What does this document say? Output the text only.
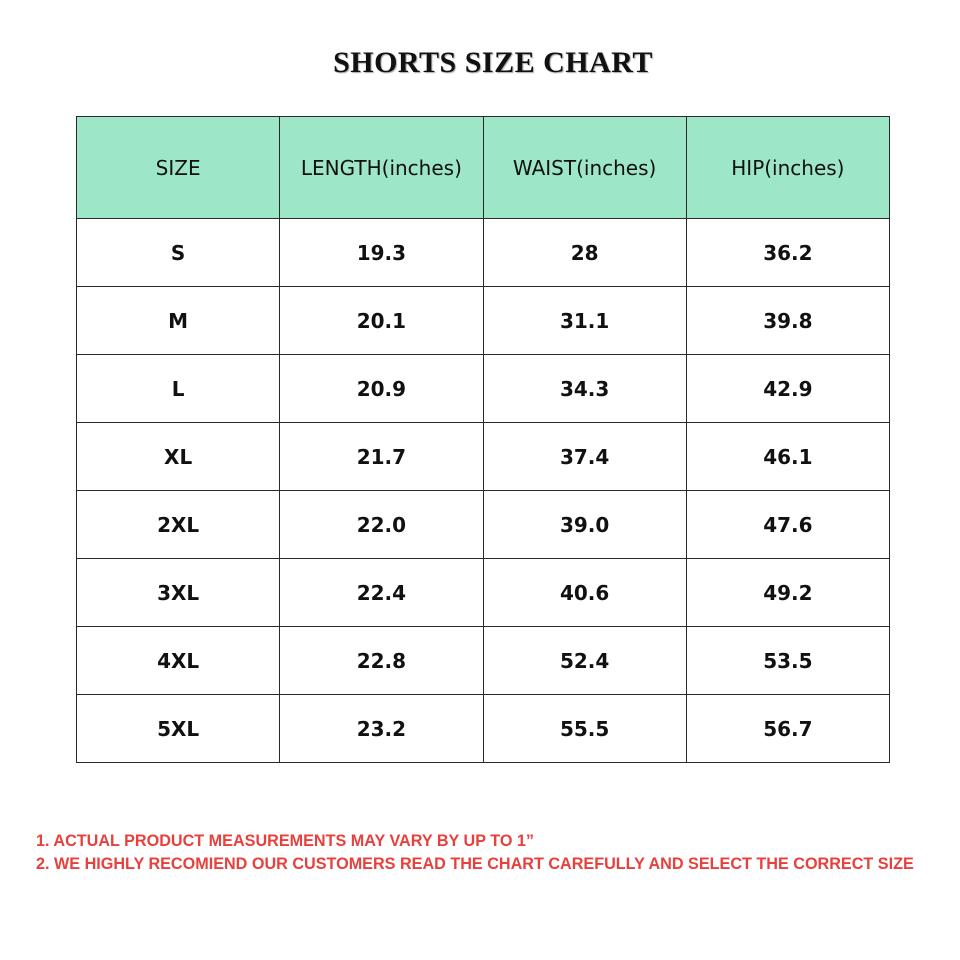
SHORTS SIZE CHART
SIZE	LENGTH(inches)	WAIST(inches)	HIP(inches)
S	19.3	28	36.2
M	20.1	31.1	39.8
L	20.9	34.3	42.9
XL	21.7	37.4	46.1
2XL	22.0	39.0	47.6
3XL	22.4	40.6	49.2
4XL	22.8	52.4	53.5
5XL	23.2	55.5	56.7
1. ACTUAL PRODUCT MEASUREMENTS MAY VARY BY UP TO 1”
2. WE HIGHLY RECOMIEND OUR CUSTOMERS READ THE CHART CAREFULLY AND SELECT THE CORRECT SIZE
